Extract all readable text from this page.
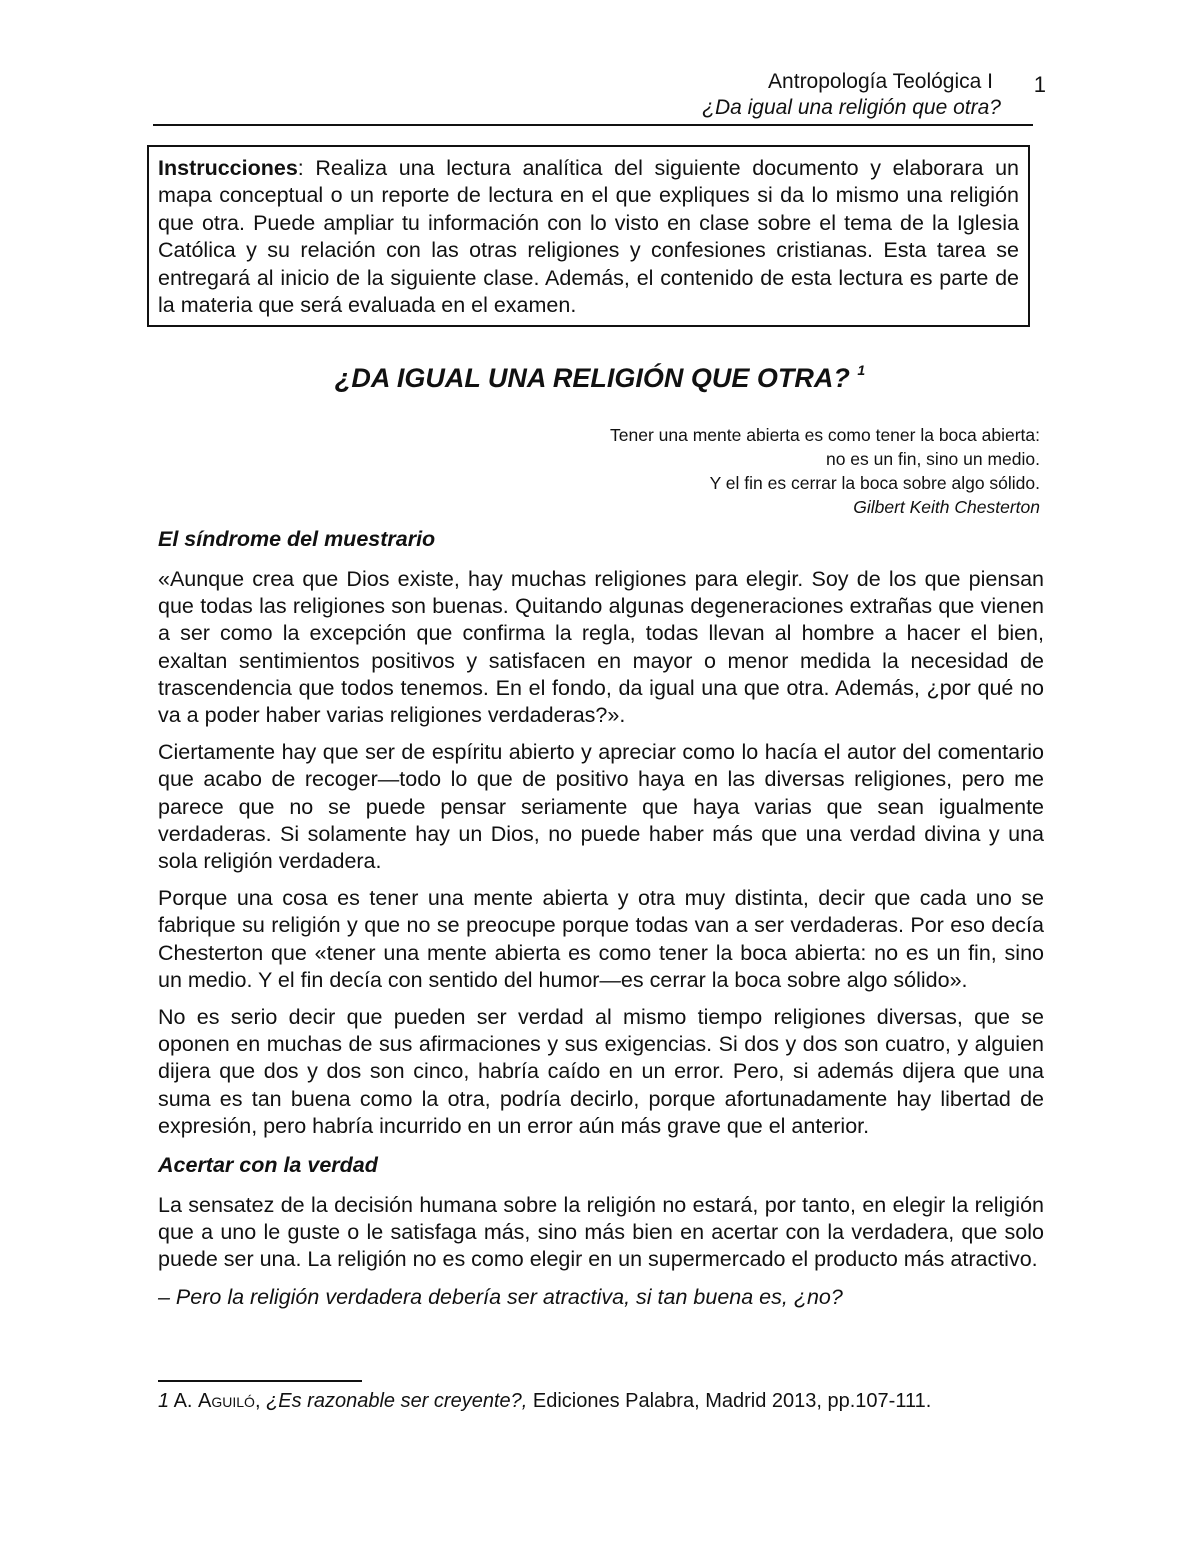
Antropología Teológica I
¿Da igual una religión que otra?
1
Instrucciones: Realiza una lectura analítica del siguiente documento y elaborara un mapa conceptual o un reporte de lectura en el que expliques si da lo mismo una religión que otra. Puede ampliar tu información con lo visto en clase sobre el tema de la Iglesia Católica y su relación con las otras religiones y confesiones cristianas. Esta tarea se entregará al inicio de la siguiente clase. Además, el contenido de esta lectura es parte de la materia que será evaluada en el examen.
¿DA IGUAL UNA RELIGIÓN QUE OTRA? $^1$
Tener una mente abierta es como tener la boca abierta:
no es un fin, sino un medio.
Y el fin es cerrar la boca sobre algo sólido.
Gilbert Keith Chesterton
El síndrome del muestrario

«Aunque crea que Dios existe, hay muchas religiones para elegir. Soy de los que piensan que todas las religiones son buenas. Quitando algunas degeneraciones extrañas que vienen a ser como la excepción que confirma la regla, todas llevan al hombre a hacer el bien, exaltan sentimientos positivos y satisfacen en mayor o menor medida la necesidad de trascendencia que todos tenemos. En el fondo, da igual una que otra. Además, ¿por qué no va a poder haber varias religiones verdaderas?».

Ciertamente hay que ser de espíritu abierto y apreciar como lo hacía el autor del comentario que acabo de recoger—todo lo que de positivo haya en las diversas religiones, pero me parece que no se puede pensar seriamente que haya varias que sean igualmente verdaderas. Si solamente hay un Dios, no puede haber más que una verdad divina y una sola religión verdadera.

Porque una cosa es tener una mente abierta y otra muy distinta, decir que cada uno se fabrique su religión y que no se preocupe porque todas van a ser verdaderas. Por eso decía Chesterton que «tener una mente abierta es como tener la boca abierta: no es un fin, sino un medio. Y el fin decía con sentido del humor—es cerrar la boca sobre algo sólido».

No es serio decir que pueden ser verdad al mismo tiempo religiones diversas, que se oponen en muchas de sus afirmaciones y sus exigencias. Si dos y dos son cuatro, y alguien dijera que dos y dos son cinco, habría caído en un error. Pero, si además dijera que una suma es tan buena como la otra, podría decirlo, porque afortunadamente hay libertad de expresión, pero habría incurrido en un error aún más grave que el anterior.

Acertar con la verdad

La sensatez de la decisión humana sobre la religión no estará, por tanto, en elegir la religión que a uno le guste o le satisfaga más, sino más bien en acertar con la verdadera, que solo puede ser una. La religión no es como elegir en un supermercado el producto más atractivo.

– Pero la religión verdadera debería ser atractiva, si tan buena es, ¿no?

1 A. Aguiló, ¿Es razonable ser creyente?, Ediciones Palabra, Madrid 2013, pp.107-111.
